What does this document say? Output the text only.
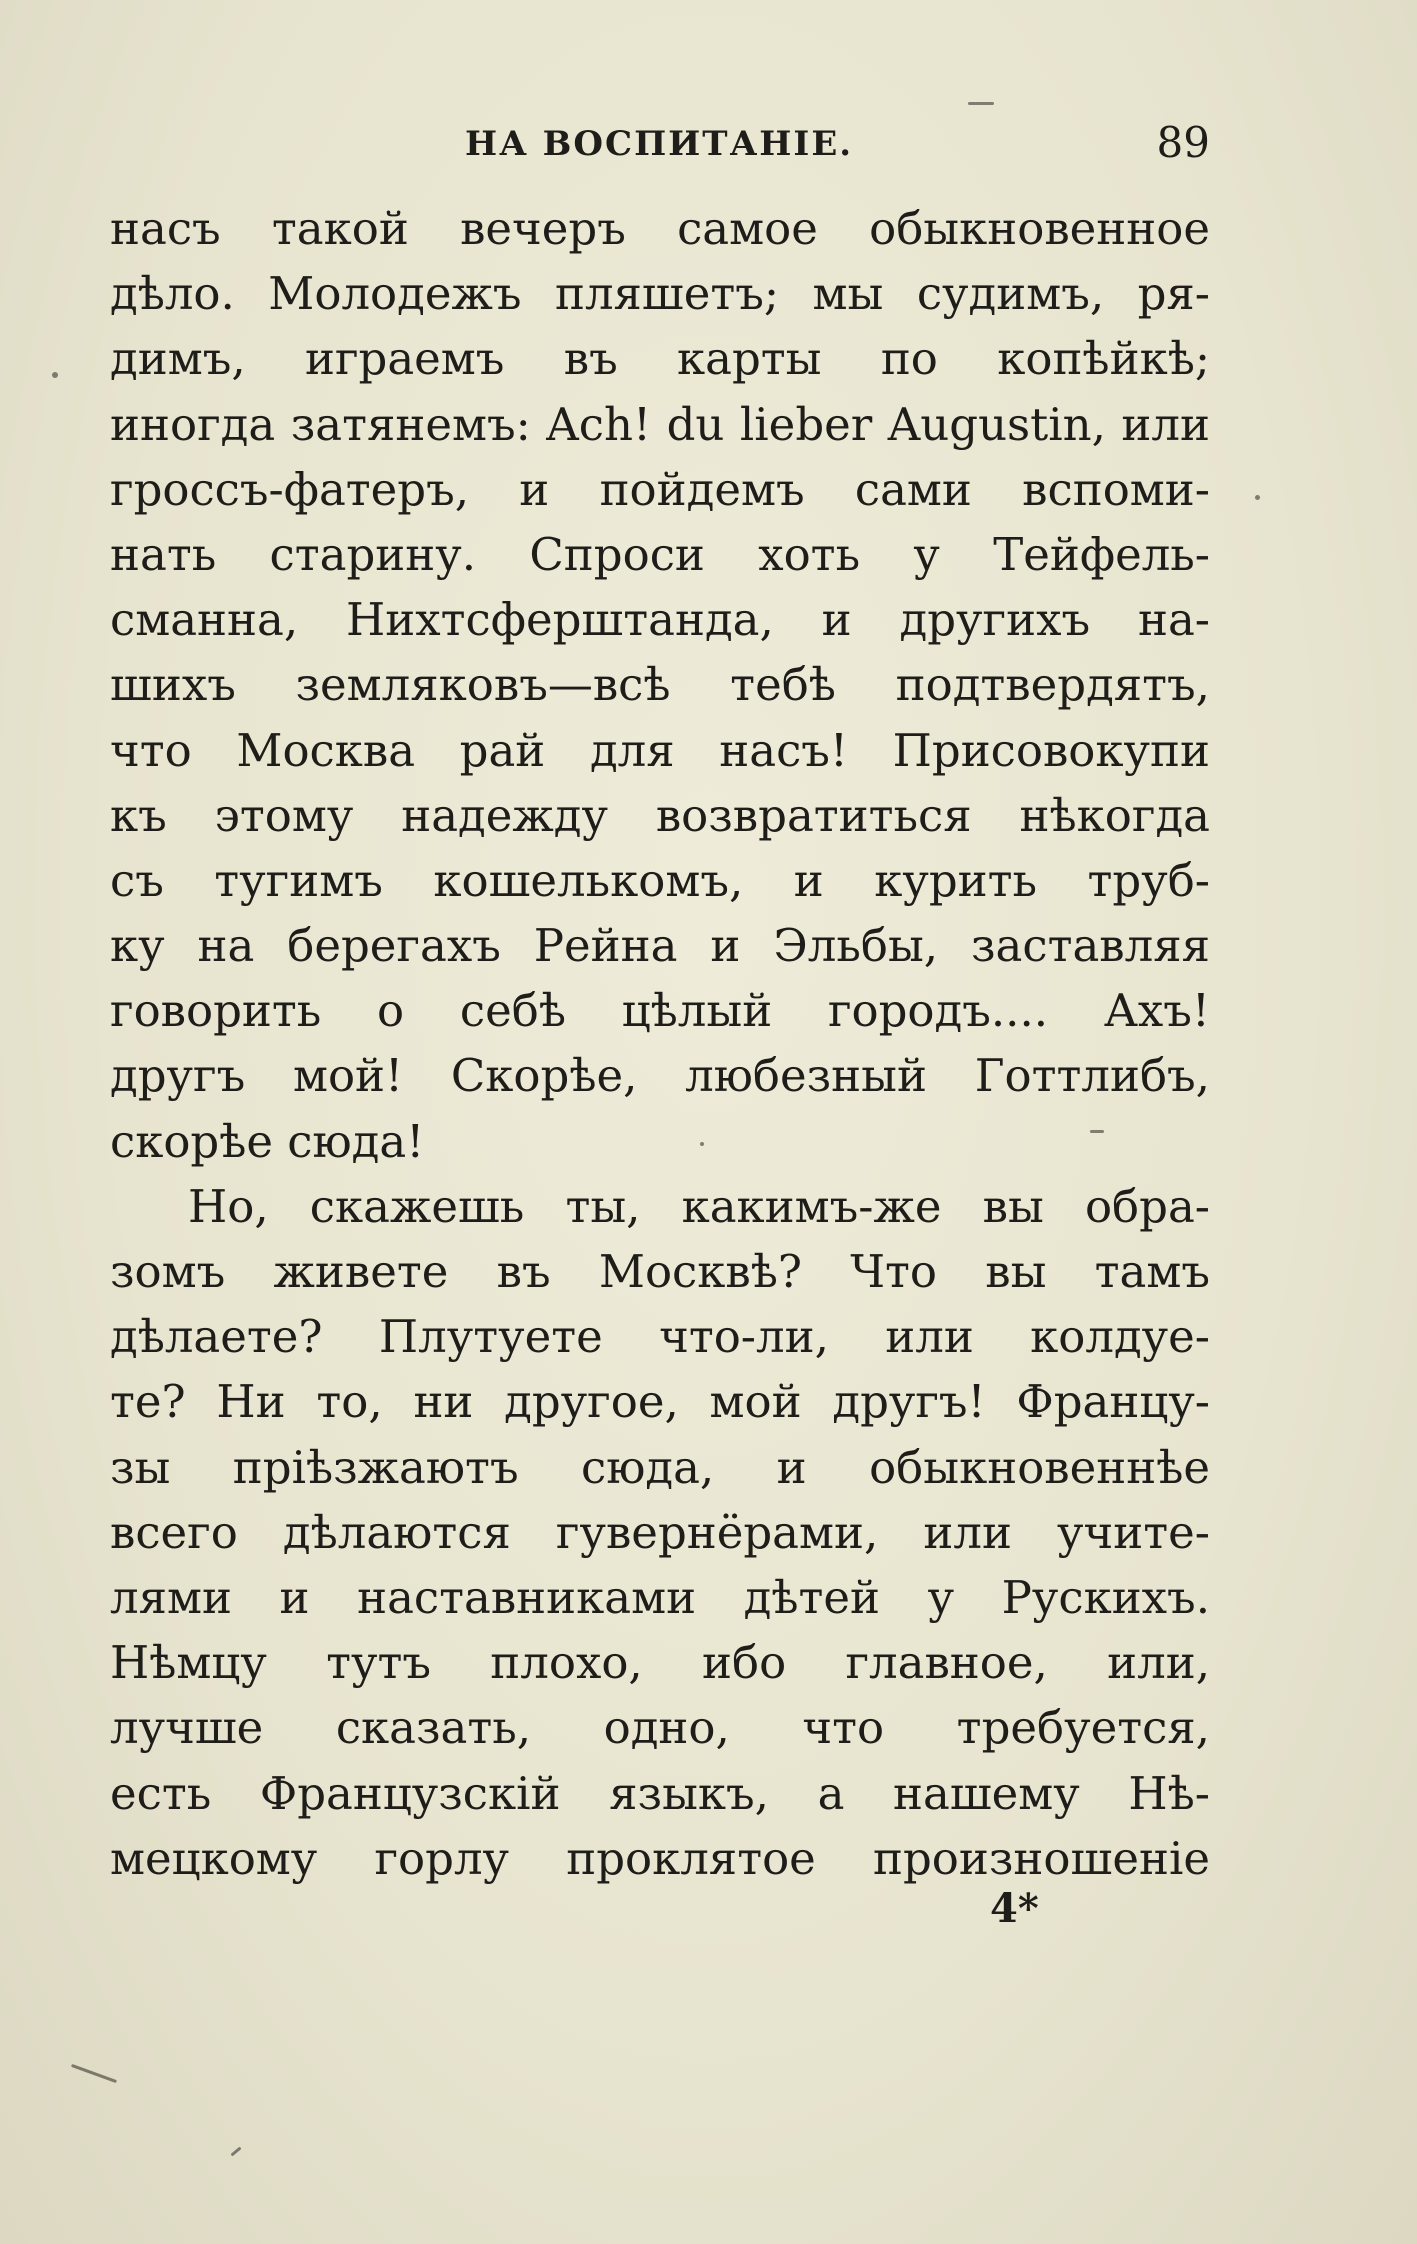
НА ВОСПИТАНІЕ.	89
насъ такой вечеръ самое обыкновенное
дѣло. Молодежъ пляшетъ; мы судимъ, ря-
димъ, играемъ въ карты по копѣйкѣ;
иногда затянемъ: Ach! du lieber Augustin, или
гроссъ-фатеръ, и пойдемъ сами вспоми-
нать старину. Спроси хоть у Тейфель-
сманна, Нихтсферштанда, и другихъ на-
шихъ земляковъ—всѣ тебѣ подтвердятъ,
что Москва рай для насъ! Присовокупи
къ этому надежду возвратиться нѣкогда
съ тугимъ кошелькомъ, и курить труб-
ку на берегахъ Рейна и Эльбы, заставляя
говорить о себѣ цѣлый городъ.... Ахъ!
другъ мой! Скорѣе, любезный Готтлибъ,
скорѣе сюда!
Но, скажешь ты, какимъ-же вы обра-
зомъ живете въ Москвѣ? Что вы тамъ
дѣлаете? Плутуете что-ли, или колдуе-
те? Ни то, ни другое, мой другъ! Францу-
зы пріѣзжаютъ сюда, и обыкновеннѣе
всего дѣлаются гувернёрами, или учите-
лями и наставниками дѣтей у Рускихъ.
Нѣмцу тутъ плохо, ибо главное, или,
лучше сказать, одно, что требуется,
есть Французскій языкъ, а нашему Нѣ-
мецкому горлу проклятое произношеніе
4*
